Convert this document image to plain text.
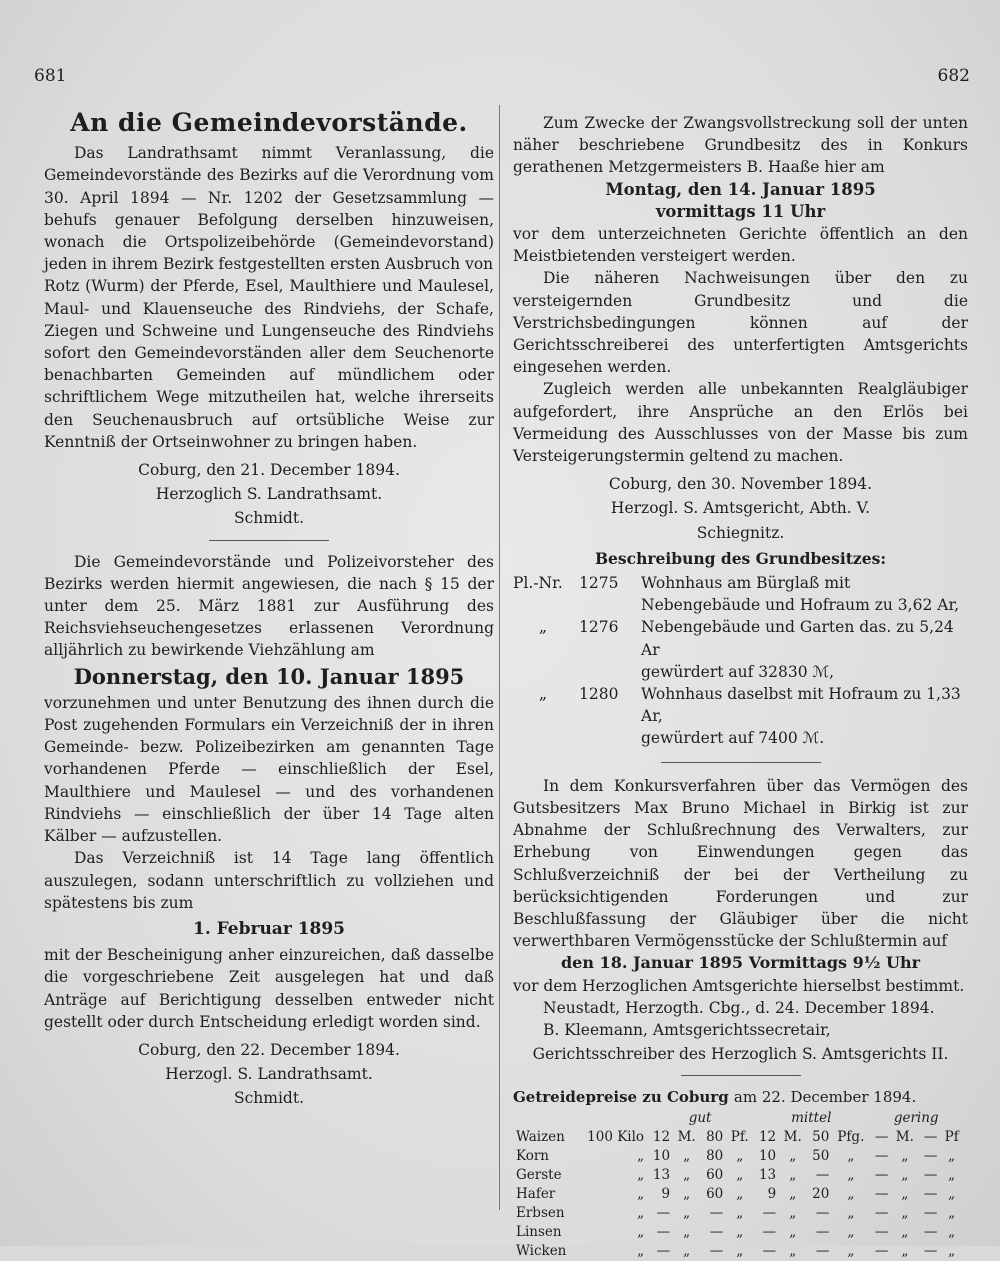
681	682
An die Gemeindevorstände.

Das Landrathsamt nimmt Veranlassung, die Gemeindevorstände des Bezirks auf die Verordnung vom 30. April 1894 — Nr. 1202 der Gesetzsammlung — behufs genauer Befolgung derselben hinzuweisen, wonach die Ortspolizeibehörde (Gemeindevorstand) jeden in ihrem Bezirk festgestellten ersten Ausbruch von

Rotz (Wurm) der Pferde, Esel, Maulthiere und Maulesel, Maul- und Klauenseuche des Rindviehs, der Schafe, Ziegen und Schweine und Lungenseuche des Rindviehs sofort den Gemeindevorständen aller dem Seuchenorte benachbarten Gemeinden auf mündlichem oder schriftlichem Wege mitzutheilen hat, welche ihrerseits den Seuchenausbruch auf ortsübliche Weise zur Kenntniß der Ortseinwohner zu bringen haben.

Coburg, den 21. December 1894.

Herzoglich S. Landrathsamt.

Schmidt.

Die Gemeindevorstände und Polizeivorsteher des Bezirks werden hiermit angewiesen, die nach § 15 der unter dem 25. März 1881 zur Ausführung des Reichsviehseuchengesetzes erlassenen Verordnung alljährlich zu bewirkende Viehzählung am

Donnerstag, den 10. Januar 1895

vorzunehmen und unter Benutzung des ihnen durch die Post zugehenden Formulars ein Verzeichniß der in ihren Gemeinde- bezw. Polizeibezirken am genannten Tage vorhandenen Pferde — einschließlich der Esel, Maulthiere und Maulesel — und des vorhandenen Rindviehs — einschließlich der über 14 Tage alten Kälber — aufzustellen.

Das Verzeichniß ist 14 Tage lang öffentlich auszulegen, sodann unterschriftlich zu vollziehen und spätestens bis zum

1. Februar 1895

mit der Bescheinigung anher einzureichen, daß dasselbe die vorgeschriebene Zeit ausgelegen hat und daß Anträge auf Berichtigung desselben entweder nicht gestellt oder durch Entscheidung erledigt worden sind.

Coburg, den 22. December 1894.

Herzogl. S. Landrathsamt.

Schmidt.

Zum Zwecke der Zwangsvollstreckung soll der unten näher beschriebene Grundbesitz des in Konkurs gerathenen Metzgermeisters B. Haaße hier am

Montag, den 14. Januar 1895
vormittags 11 Uhr

vor dem unterzeichneten Gerichte öffentlich an den Meistbietenden versteigert werden.

Die näheren Nachweisungen über den zu versteigernden Grundbesitz und die Verstrichsbedingungen können auf der Gerichtsschreiberei des unterfertigten Amtsgerichts eingesehen werden.

Zugleich werden alle unbekannten Realgläubiger aufgefordert, ihre Ansprüche an den Erlös bei Vermeidung des Ausschlusses von der Masse bis zum Versteigerungstermin geltend zu machen.

Coburg, den 30. November 1894.

Herzogl. S. Amtsgericht, Abth. V.

Schiegnitz.

Beschreibung des Grundbesitzes:

Pl.-Nr.	1275	Wohnhaus am Bürglaß mit Nebengebäude und Hofraum zu 3,62 Ar,
„	1276	Nebengebäude und Garten das. zu 5,24 Ar
gewürdert auf 32830 ℳ,
„	1280	Wohnhaus daselbst mit Hofraum zu 1,33 Ar,
gewürdert auf 7400 ℳ.

In dem Konkursverfahren über das Vermögen des Gutsbesitzers Max Bruno Michael in Birkig ist zur Abnahme der Schlußrechnung des Verwalters, zur Erhebung von Einwendungen gegen das Schlußverzeichniß der bei der Vertheilung zu berücksichtigenden Forderungen und zur Beschlußfassung der Gläubiger über die nicht verwerthbaren Vermögensstücke der Schlußtermin auf

den 18. Januar 1895 Vormittags 9½ Uhr

vor dem Herzoglichen Amtsgerichte hierselbst bestimmt.

Neustadt, Herzogth. Cbg., d. 24. December 1894.

B. Kleemann, Amtsgerichtssecretair,

Gerichtsschreiber des Herzoglich S. Amtsgerichts II.

Getreidepreise zu Coburg am 22. December 1894.
		gut				mittel				gering			
Waizen	100 Kilo	12	M.	80	Pf.	12	M.	50	Pfg.	—	M.	—	Pf
Korn	„	10	„	80	„	10	„	50	„	—	„	—	„
Gerste	„	13	„	60	„	13	„	—	„	—	„	—	„
Hafer	„	9	„	60	„	9	„	20	„	—	„	—	„
Erbsen	„	—	„	—	„	—	„	—	„	—	„	—	„
Linsen	„	—	„	—	„	—	„	—	„	—	„	—	„
Wicken	„	—	„	—	„	—	„	—	„	—	„	—	„
